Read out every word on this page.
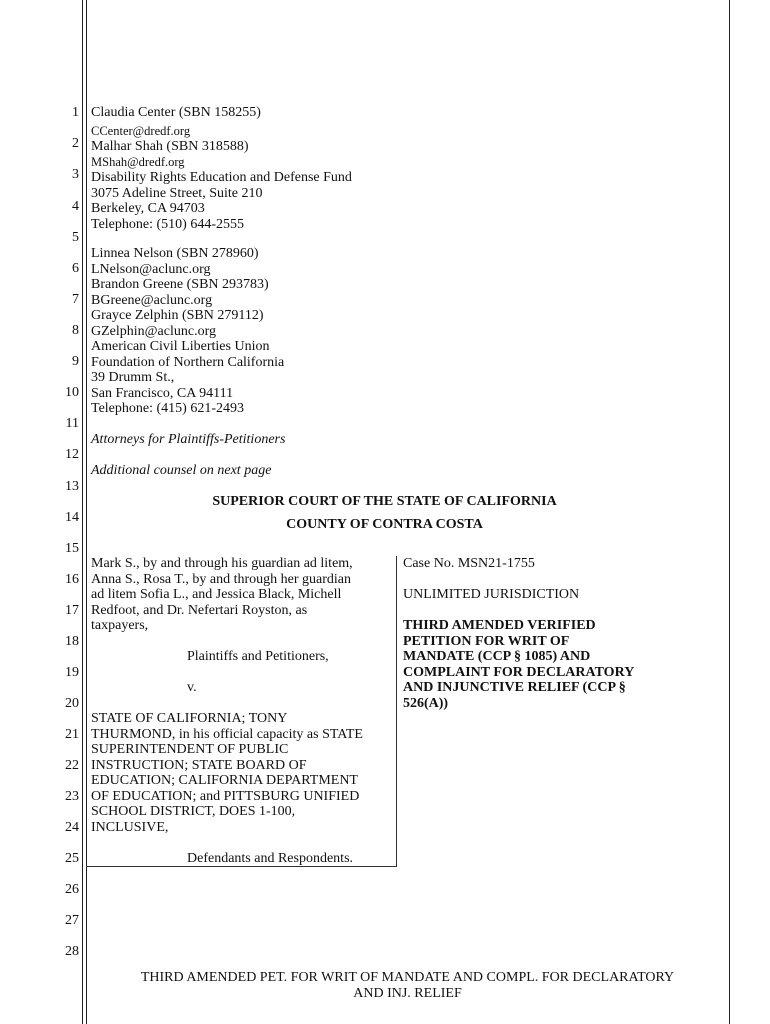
1
2
3
4
5
6
7
8
9
10
11
12
13
14
15
16
17
18
19
20
21
22
23
24
25
26
27
28
Claudia Center (SBN 158255)
CCenter@dredf.org
Malhar Shah (SBN 318588)
MShah@dredf.org
Disability Rights Education and Defense Fund
3075 Adeline Street, Suite 210
Berkeley, CA 94703
Telephone: (510) 644-2555
Linnea Nelson (SBN 278960)
LNelson@aclunc.org
Brandon Greene (SBN 293783)
BGreene@aclunc.org
Grayce Zelphin (SBN 279112)
GZelphin@aclunc.org
American Civil Liberties Union
Foundation of Northern California
39 Drumm St.,
San Francisco, CA 94111
Telephone: (415) 621-2493
Attorneys for Plaintiffs-Petitioners
Additional counsel on next page
SUPERIOR COURT OF THE STATE OF CALIFORNIA
COUNTY OF CONTRA COSTA
Mark S., by and through his guardian ad litem,
Anna S., Rosa T., by and through her guardian
ad litem Sofia L., and Jessica Black, Michell
Redfoot, and Dr. Nefertari Royston, as
taxpayers,
Plaintiffs and Petitioners,
v.
STATE OF CALIFORNIA; TONY
THURMOND, in his official capacity as STATE
SUPERINTENDENT OF PUBLIC
INSTRUCTION; STATE BOARD OF
EDUCATION; CALIFORNIA DEPARTMENT
OF EDUCATION; and PITTSBURG UNIFIED
SCHOOL DISTRICT, DOES 1-100,
INCLUSIVE,
Defendants and Respondents.
Case No. MSN21-1755
UNLIMITED JURISDICTION
THIRD AMENDED VERIFIED
PETITION FOR WRIT OF
MANDATE (CCP § 1085) AND
COMPLAINT FOR DECLARATORY
AND INJUNCTIVE RELIEF (CCP §
526(A))
THIRD AMENDED PET. FOR WRIT OF MANDATE AND COMPL. FOR DECLARATORY
AND INJ. RELIEF
